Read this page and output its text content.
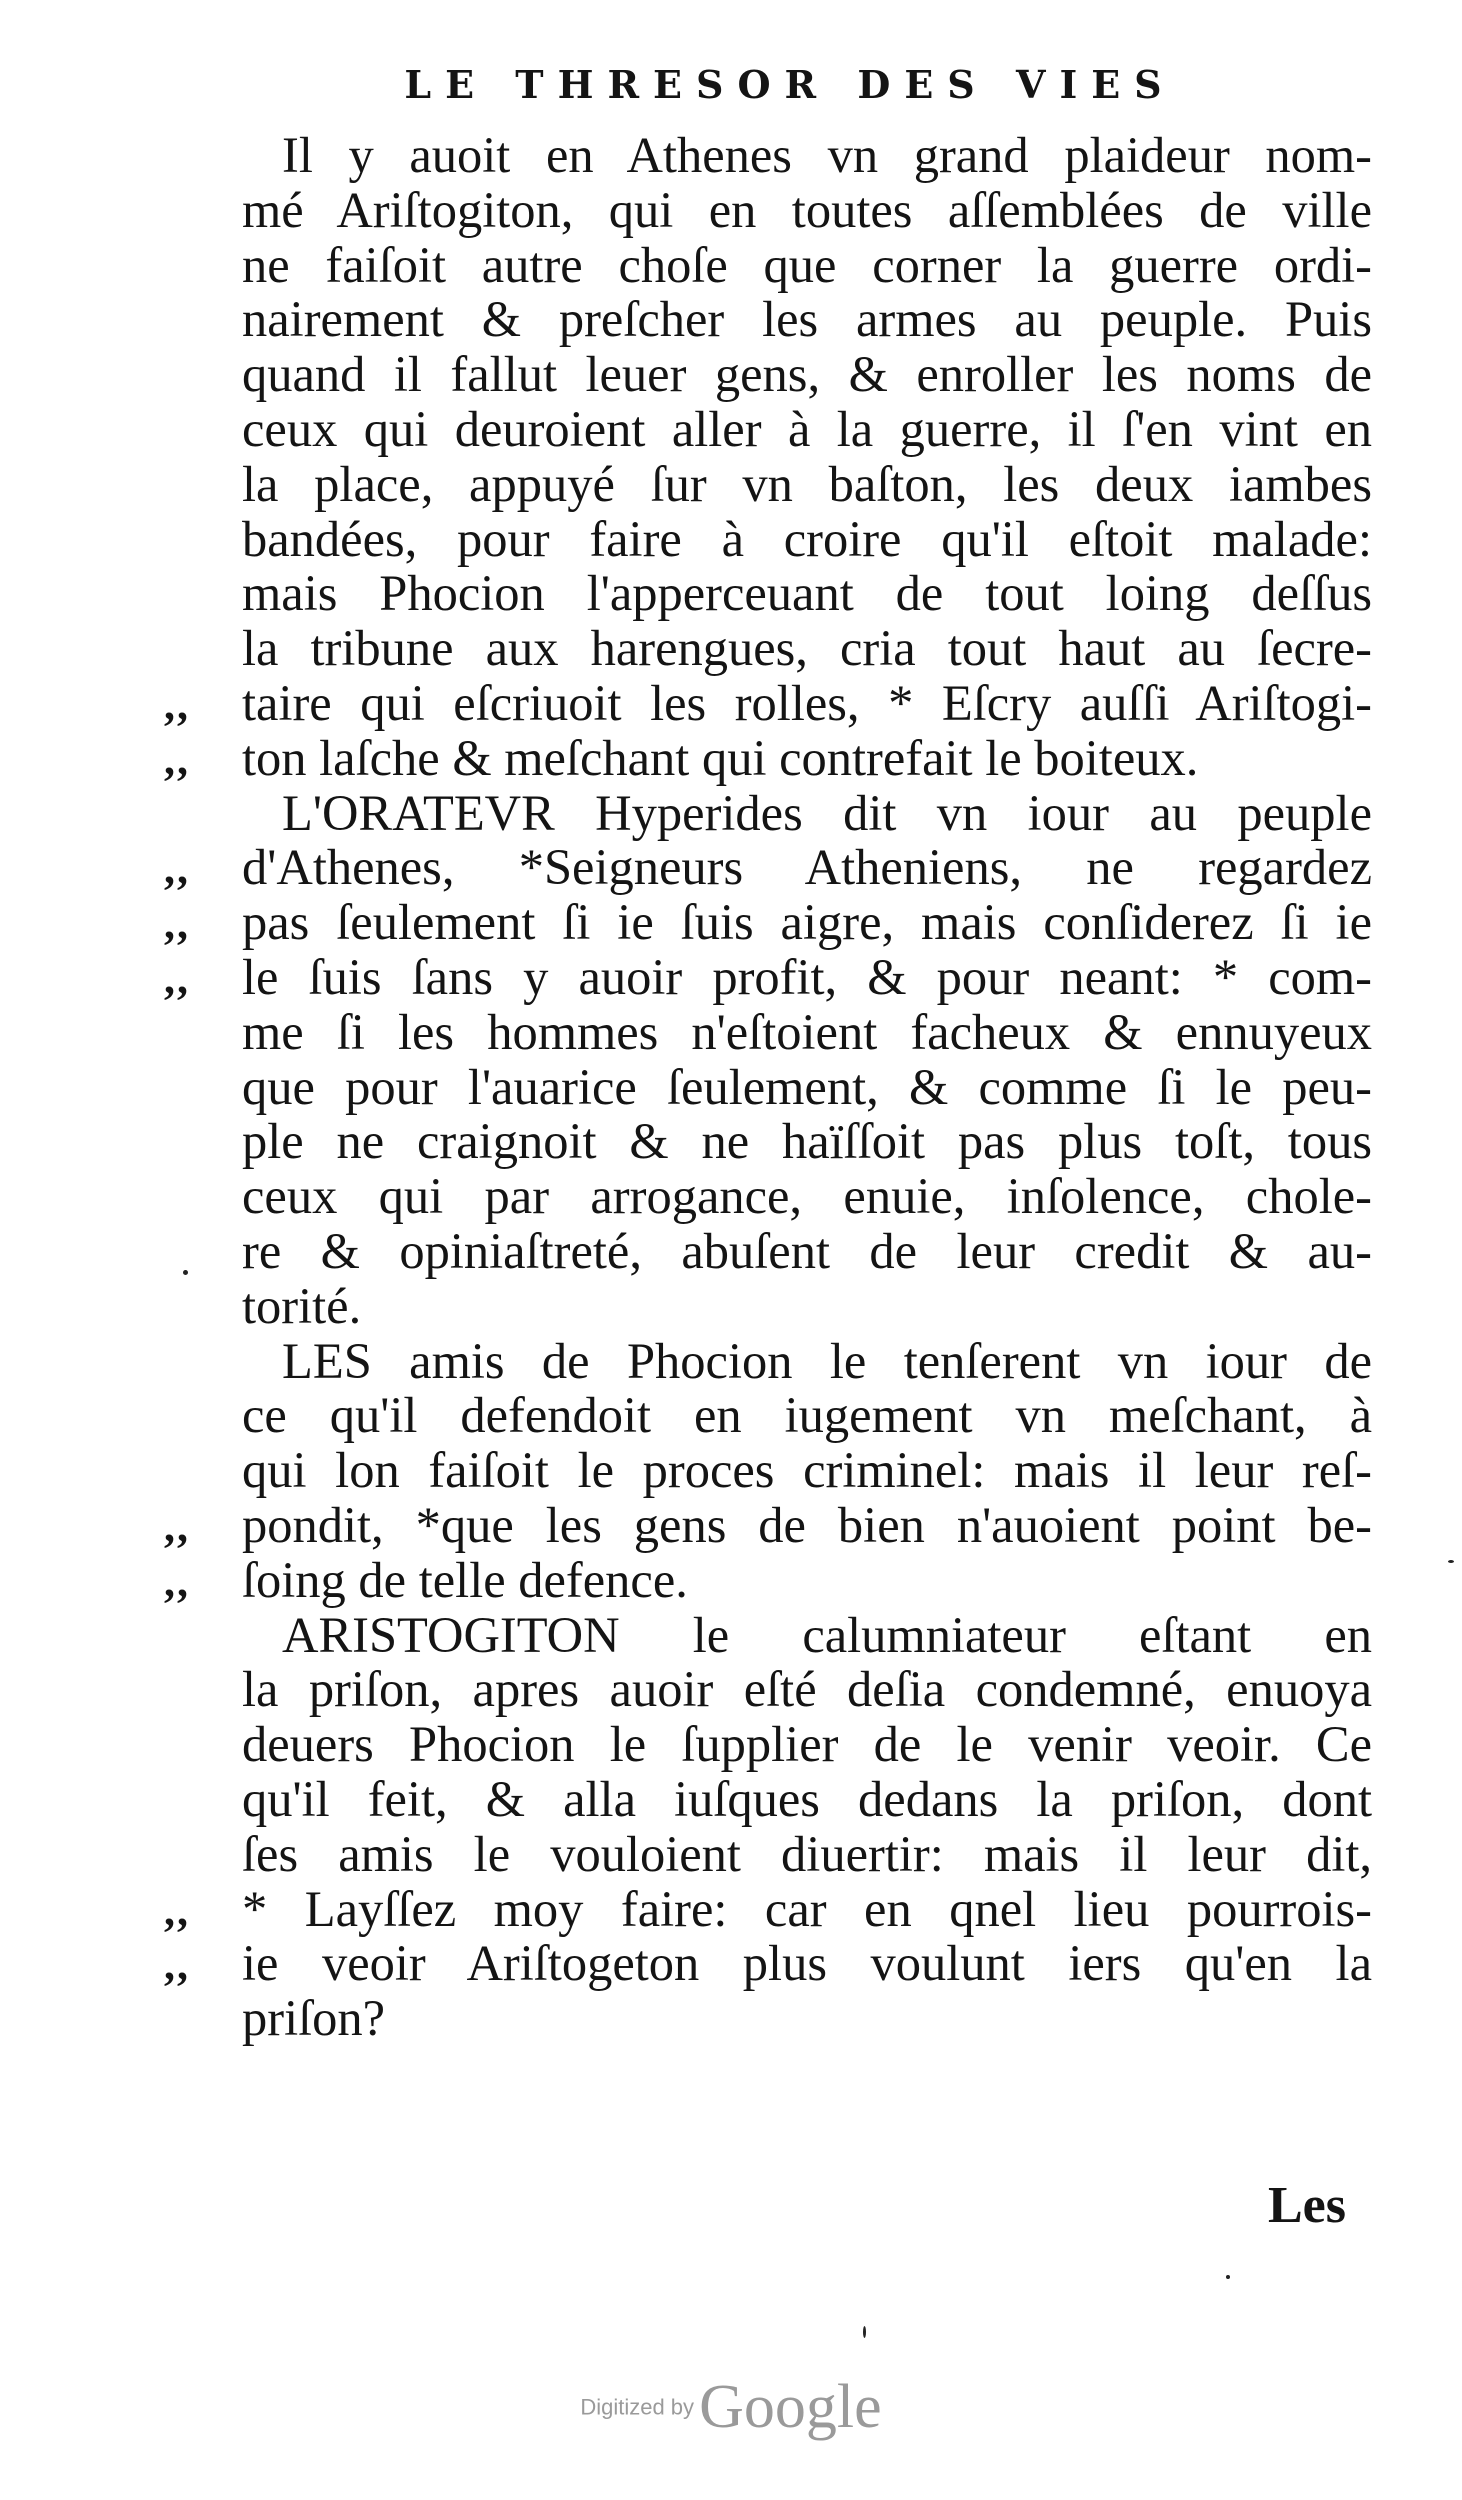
LE THRESOR DES VIES
Il y auoit en Athenes vn grand plaideur nom-
mé Ariſtogiton, qui en toutes aſſemblées de ville
ne faiſoit autre choſe que corner la guerre ordi-
nairement & preſcher les armes au peuple. Puis
quand il fallut leuer gens, & enroller les noms de
ceux qui deuroient aller à la guerre, il ſ'en vint en
la place, appuyé ſur vn baſton, les deux iambes
bandées, pour faire à croire qu'il eſtoit malade:
mais Phocion l'apperceuant de tout loing deſſus
la tribune aux harengues, cria tout haut au ſecre-
,, taire qui eſcriuoit les rolles, * Eſcry auſſi Ariſtogi-
,, ton laſche & meſchant qui contrefait le boiteux.
L'ORATEVR Hyperides dit vn iour au peuple
,, d'Athenes, *Seigneurs Atheniens, ne regardez
,, pas ſeulement ſi ie ſuis aigre, mais conſiderez ſi ie
,, le ſuis ſans y auoir profit, & pour neant: * com-
me ſi les hommes n'eſtoient facheux & ennuyeux
que pour l'auarice ſeulement, & comme ſi le peu-
ple ne craignoit & ne haïſſoit pas plus toſt, tous
ceux qui par arrogance, enuie, inſolence, chole-
re & opiniaſtreté, abuſent de leur credit & au-
torité.
LES amis de Phocion le tenſerent vn iour de
ce qu'il defendoit en iugement vn meſchant, à
qui lon faiſoit le proces criminel: mais il leur reſ-
,, pondit, *que les gens de bien n'auoient point be-
,, ſoing de telle defence.
ARISTOGITON le calumniateur eſtant en
la priſon, apres auoir eſté deſia condemné, enuoya
deuers Phocion le ſupplier de le venir veoir. Ce
qu'il feit, & alla iuſques dedans la priſon, dont
ſes amis le vouloient diuertir: mais il leur dit,
,, * Layſſez moy faire: car en qnel lieu pourrois-
,, ie veoir Ariſtogeton plus voulunt iers qu'en la
priſon?
Les
Digitized by Google
